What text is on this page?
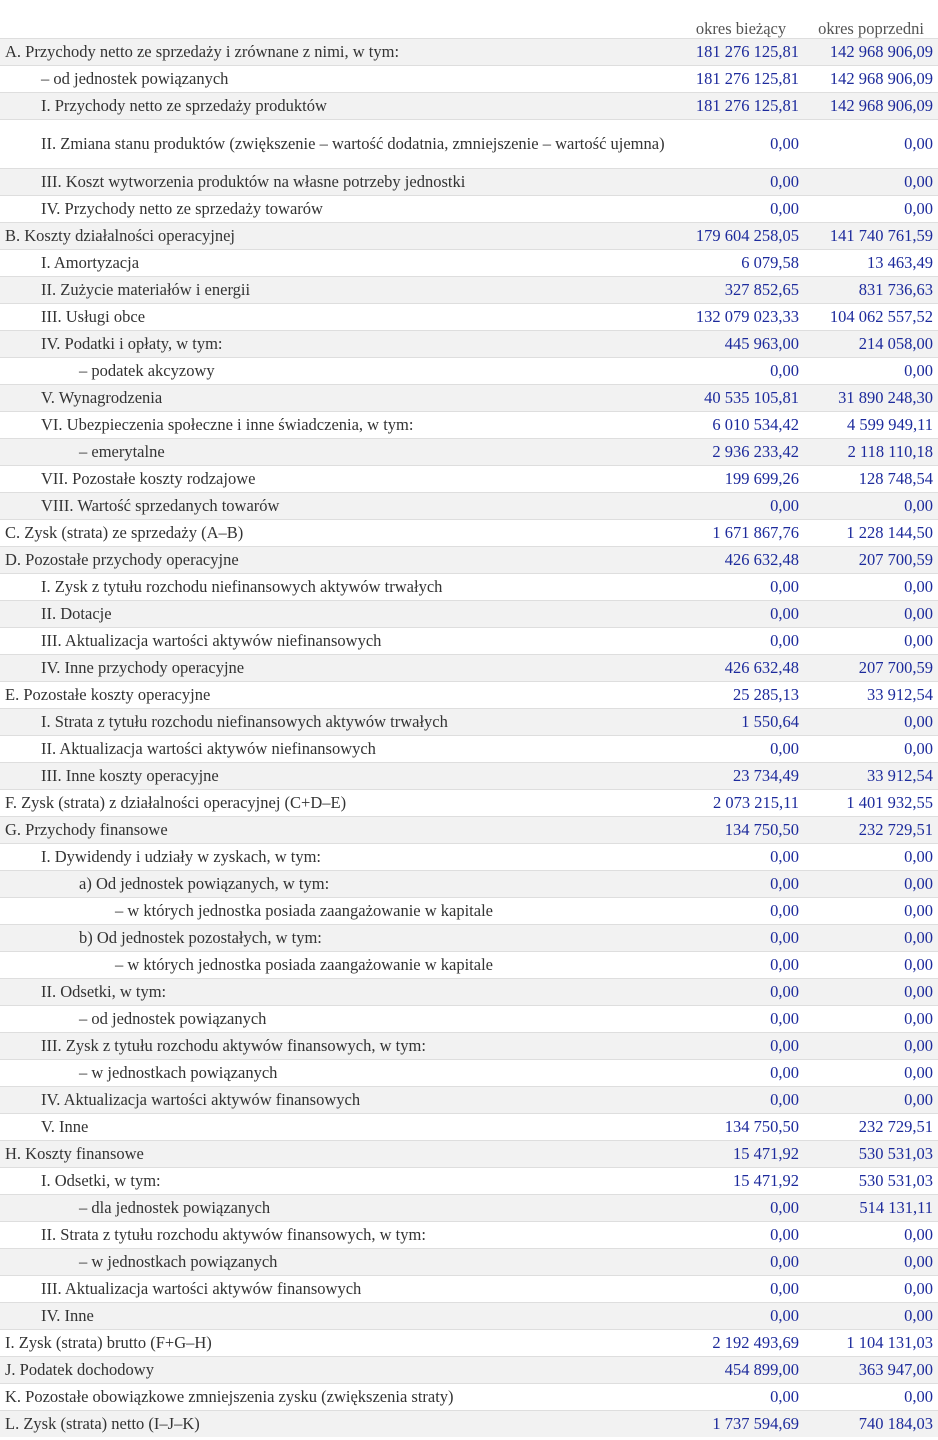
	okres bieżący	okres poprzedni
A. Przychody netto ze sprzedaży i zrównane z nimi, w tym:	181 276 125,81	142 968 906,09
– od jednostek powiązanych	181 276 125,81	142 968 906,09
I. Przychody netto ze sprzedaży produktów	181 276 125,81	142 968 906,09
II. Zmiana stanu produktów (zwiększenie – wartość dodatnia, zmniejszenie – wartość ujemna)	0,00	0,00
III. Koszt wytworzenia produktów na własne potrzeby jednostki	0,00	0,00
IV. Przychody netto ze sprzedaży towarów	0,00	0,00
B. Koszty działalności operacyjnej	179 604 258,05	141 740 761,59
I. Amortyzacja	6 079,58	13 463,49
II. Zużycie materiałów i energii	327 852,65	831 736,63
III. Usługi obce	132 079 023,33	104 062 557,52
IV. Podatki i opłaty, w tym:	445 963,00	214 058,00
– podatek akcyzowy	0,00	0,00
V. Wynagrodzenia	40 535 105,81	31 890 248,30
VI. Ubezpieczenia społeczne i inne świadczenia, w tym:	6 010 534,42	4 599 949,11
– emerytalne	2 936 233,42	2 118 110,18
VII. Pozostałe koszty rodzajowe	199 699,26	128 748,54
VIII. Wartość sprzedanych towarów	0,00	0,00
C. Zysk (strata) ze sprzedaży (A–B)	1 671 867,76	1 228 144,50
D. Pozostałe przychody operacyjne	426 632,48	207 700,59
I. Zysk z tytułu rozchodu niefinansowych aktywów trwałych	0,00	0,00
II. Dotacje	0,00	0,00
III. Aktualizacja wartości aktywów niefinansowych	0,00	0,00
IV. Inne przychody operacyjne	426 632,48	207 700,59
E. Pozostałe koszty operacyjne	25 285,13	33 912,54
I. Strata z tytułu rozchodu niefinansowych aktywów trwałych	1 550,64	0,00
II. Aktualizacja wartości aktywów niefinansowych	0,00	0,00
III. Inne koszty operacyjne	23 734,49	33 912,54
F. Zysk (strata) z działalności operacyjnej (C+D–E)	2 073 215,11	1 401 932,55
G. Przychody finansowe	134 750,50	232 729,51
I. Dywidendy i udziały w zyskach, w tym:	0,00	0,00
a) Od jednostek powiązanych, w tym:	0,00	0,00
– w których jednostka posiada zaangażowanie w kapitale	0,00	0,00
b) Od jednostek pozostałych, w tym:	0,00	0,00
– w których jednostka posiada zaangażowanie w kapitale	0,00	0,00
II. Odsetki, w tym:	0,00	0,00
– od jednostek powiązanych	0,00	0,00
III. Zysk z tytułu rozchodu aktywów finansowych, w tym:	0,00	0,00
– w jednostkach powiązanych	0,00	0,00
IV. Aktualizacja wartości aktywów finansowych	0,00	0,00
V. Inne	134 750,50	232 729,51
H. Koszty finansowe	15 471,92	530 531,03
I. Odsetki, w tym:	15 471,92	530 531,03
– dla jednostek powiązanych	0,00	514 131,11
II. Strata z tytułu rozchodu aktywów finansowych, w tym:	0,00	0,00
– w jednostkach powiązanych	0,00	0,00
III. Aktualizacja wartości aktywów finansowych	0,00	0,00
IV. Inne	0,00	0,00
I. Zysk (strata) brutto (F+G–H)	2 192 493,69	1 104 131,03
J. Podatek dochodowy	454 899,00	363 947,00
K. Pozostałe obowiązkowe zmniejszenia zysku (zwiększenia straty)	0,00	0,00
L. Zysk (strata) netto (I–J–K)	1 737 594,69	740 184,03
